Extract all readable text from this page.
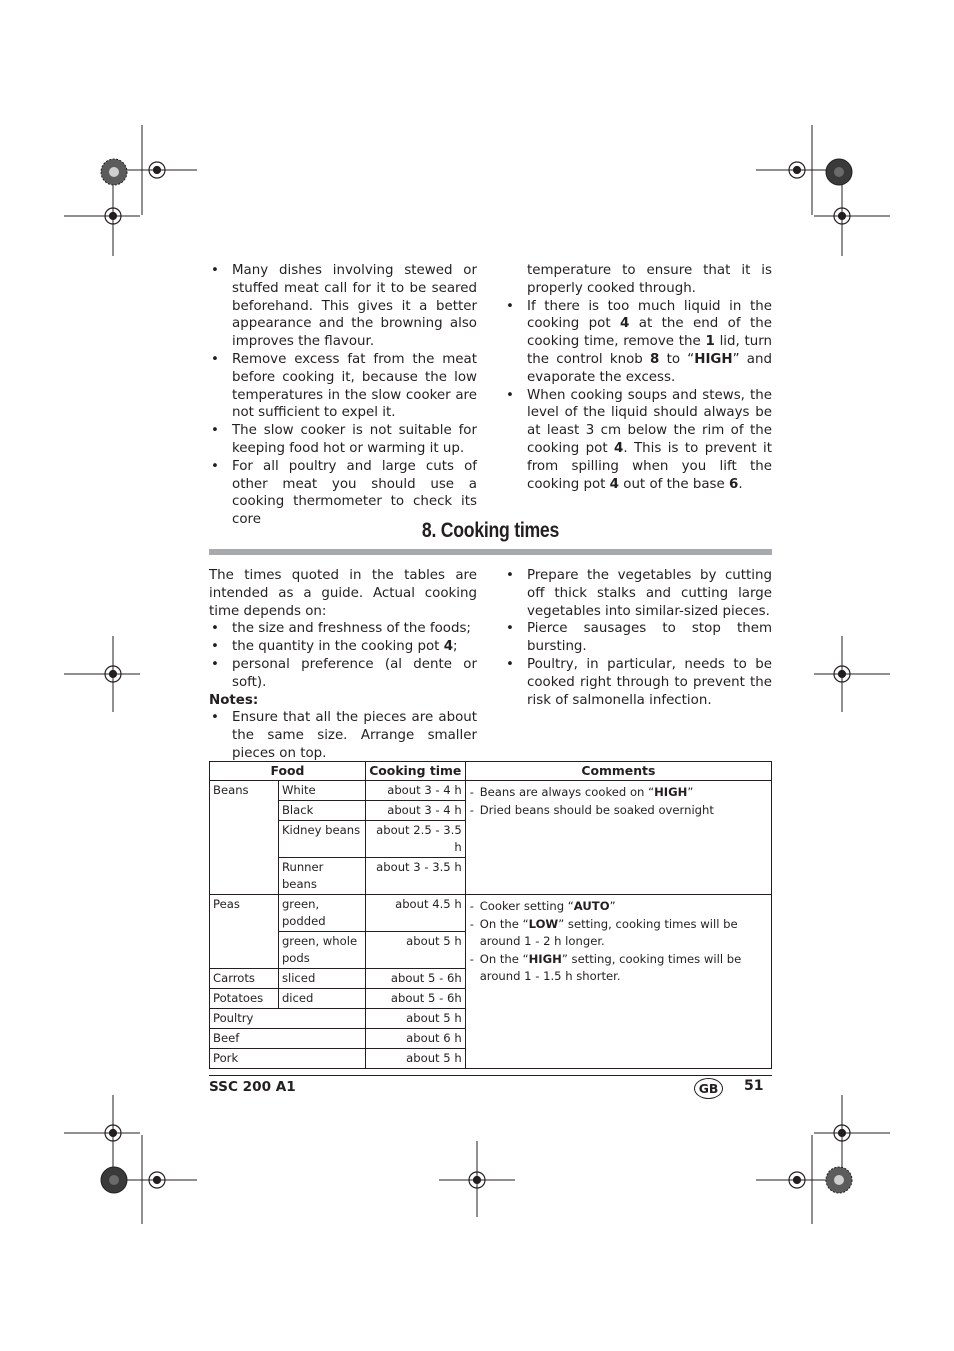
• Many dishes involving stewed or stuffed meat call for it to be seared beforehand. This gives it a better appearance and the browning also improves the flavour.

• Remove excess fat from the meat before cooking it, because the low temperatures in the slow cooker are not sufficient to expel it.

• The slow cooker is not suitable for keeping food hot or warming it up.

• For all poultry and large cuts of other meat you should use a cooking thermometer to check its core

temperature to ensure that it is properly cooked through.

• If there is too much liquid in the cooking pot 4 at the end of the cooking time, remove the 1 lid, turn the control knob 8 to “HIGH” and evaporate the excess.

• When cooking soups and stews, the level of the liquid should always be at least 3 cm below the rim of the cooking pot 4. This is to prevent it from spilling when you lift the cooking pot 4 out of the base 6.

8. Cooking times

The times quoted in the tables are intended as a guide. Actual cooking time depends on:

• the size and freshness of the foods;

• the quantity in the cooking pot 4;

• personal preference (al dente or soft).

Notes:

• Ensure that all the pieces are about the same size. Arrange smaller pieces on top.

• Prepare the vegetables by cutting off thick stalks and cutting large vegetables into similar-sized pieces.

• Pierce sausages to stop them bursting.

• Poultry, in particular, needs to be cooked right through to prevent the risk of salmonella infection.

Food		Cooking time	Comments
Beans	White	about 3 - 4 h	- Beans are always cooked on “HIGH”
- Dried beans should be soaked overnight

	Black	about 3 - 4 h	
	Kidney beans	about 2.5 - 3.5 h	
	Runner beans	about 3 - 3.5 h	
Peas	green, podded	about 4.5 h	- Cooker setting “AUTO”
- On the “LOW” setting, cooking times will be around 1 - 2 h longer.
- On the “HIGH” setting, cooking times will be around 1 - 1.5 h shorter.

	green, whole pods	about 5 h	
Carrots	sliced	about 5 - 6h	
Potatoes	diced	about 5 - 6h	
Poultry		about 5 h	
Beef		about 6 h	
Pork		about 5 h	
SSC 200 A1	GB	51
